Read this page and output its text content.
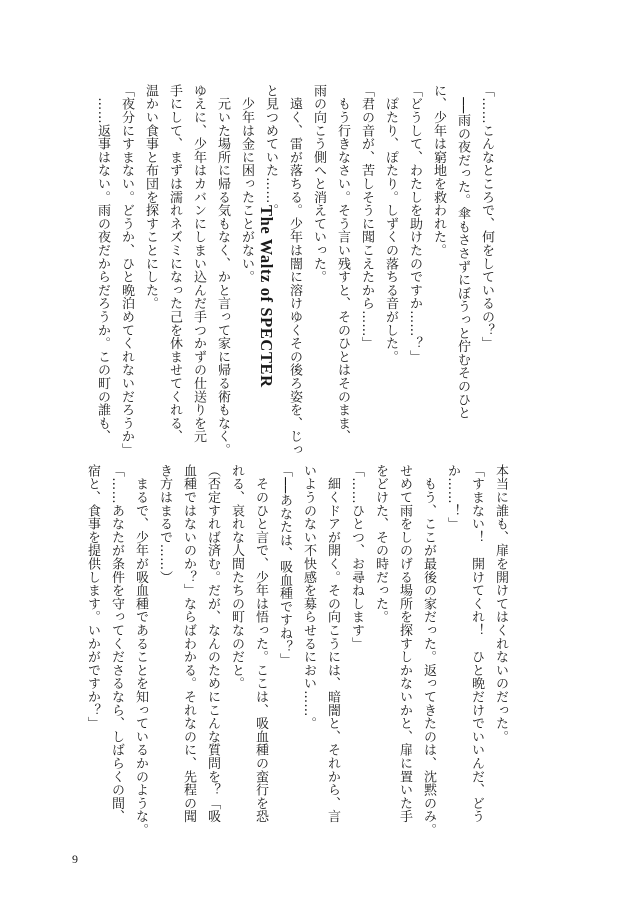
「……こんなところで、何をしているの？」

　──雨の夜だった。傘もささずにぼうっと佇むそのひと

に、少年は窮地を救われた。

「どうして、わたしを助けたのですか……？」

　ぽたり、ぽたり。しずくの落ちる音がした。

「君の音が、苦しそうに聞こえたから……」

　もう行きなさい。そう言い残すと、そのひとはそのまま、

雨の向こう側へと消えていった。

　遠く、雷が落ちる。少年は闇に溶けゆくその後ろ姿を、じっ

と見つめていた……。

　少年は金に困ったことがない。

　元いた場所に帰る気もなく、かと言って家に帰る術もなく。

ゆえに、少年はカバンにしまい込んだ手つかずの仕送りを元

手にして、まずは濡れネズミになった己を休ませてくれる、

温かい食事と布団を探すことにした。

「夜分にすまない。どうか、ひと晩泊めてくれないだろうか」

　……返事はない。雨の夜だからだろうか。この町の誰も、	The Waltz of SPECTER

本当に誰も、扉を開けてはくれないのだった。

「すまない！　開けてくれ！　ひと晩だけでいいんだ、どう

か……！」

　もう、ここが最後の家だった。返ってきたのは、沈黙のみ。

せめて雨をしのげる場所を探すしかないかと、扉に置いた手

をどけた、その時だった。

「……ひとつ、お尋ねします」

　細くドアが開く。その向こうには、暗闇と、それから、言

いようのない不快感を募らせるにおい……。

「──あなたは、吸血種ですね？」

　そのひと言で、少年は悟った。ここは、吸血種の蛮行を恐

れる、哀れな人間たちの町なのだと。

（否定すれば済む。だが、なんのためにこんな質問を？「吸

血種ではないのか？」ならばわかる。それなのに、先程の聞

き方はまるで……）

　まるで、少年が吸血種であることを知っているかのような。

「……あなたが条件を守ってくださるなら、しばらくの間、

宿と、食事を提供します。いかがですか？」

9
